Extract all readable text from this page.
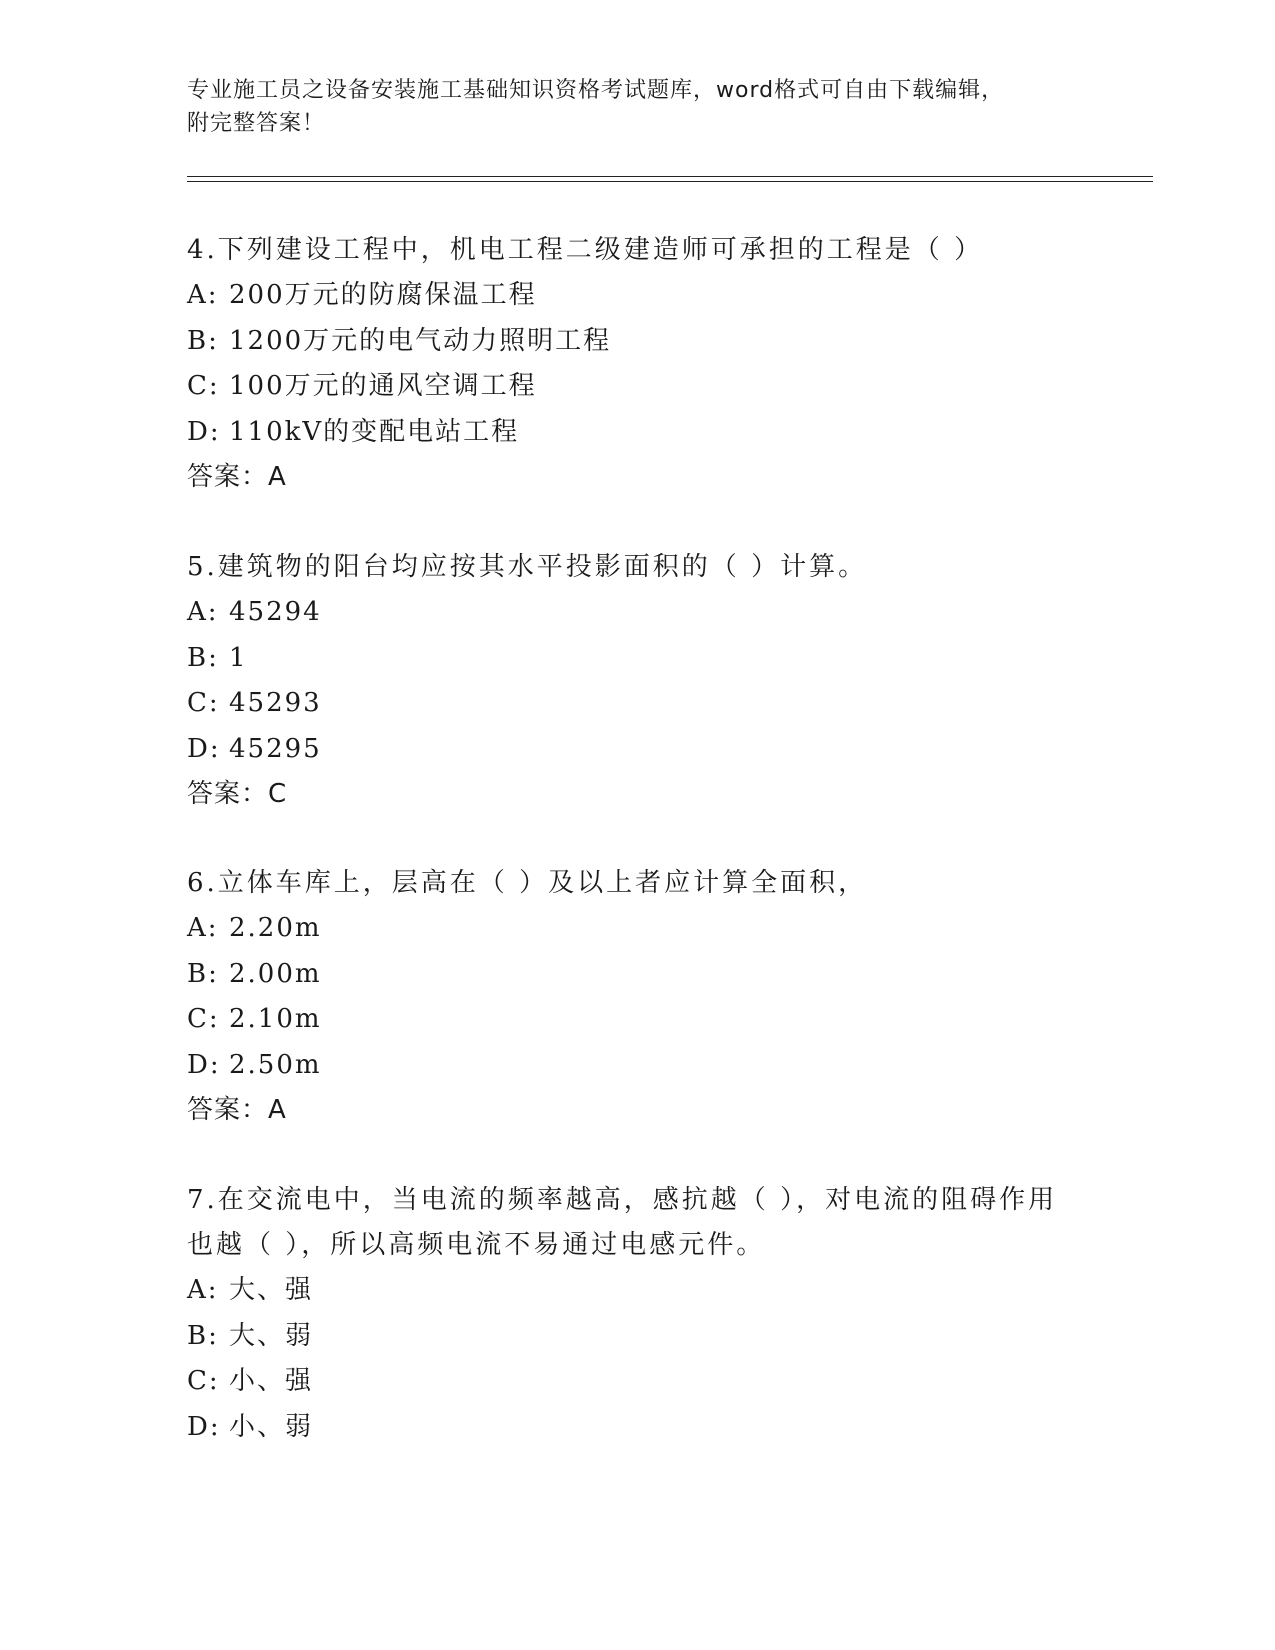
专业施工员之设备安装施工基础知识资格考试题库，word格式可自由下载编辑，
附完整答案！

4.下列建设工程中，机电工程二级建造师可承担的工程是（ ）

A: 200万元的防腐保温工程

B: 1200万元的电气动力照明工程

C: 100万元的通风空调工程

D: 110kV的变配电站工程

答案：A

5.建筑物的阳台均应按其水平投影面积的（ ）计算。

A: 45294

B: 1

C: 45293

D: 45295

答案：C

6.立体车库上，层高在（ ）及以上者应计算全面积，

A: 2.20m

B: 2.00m

C: 2.10m

D: 2.50m

答案：A

7.在交流电中，当电流的频率越高，感抗越（ ），对电流的阻碍作用也越（ ），所以高频电流不易通过电感元件。

A: 大、强

B: 大、弱

C: 小、强

D: 小、弱
